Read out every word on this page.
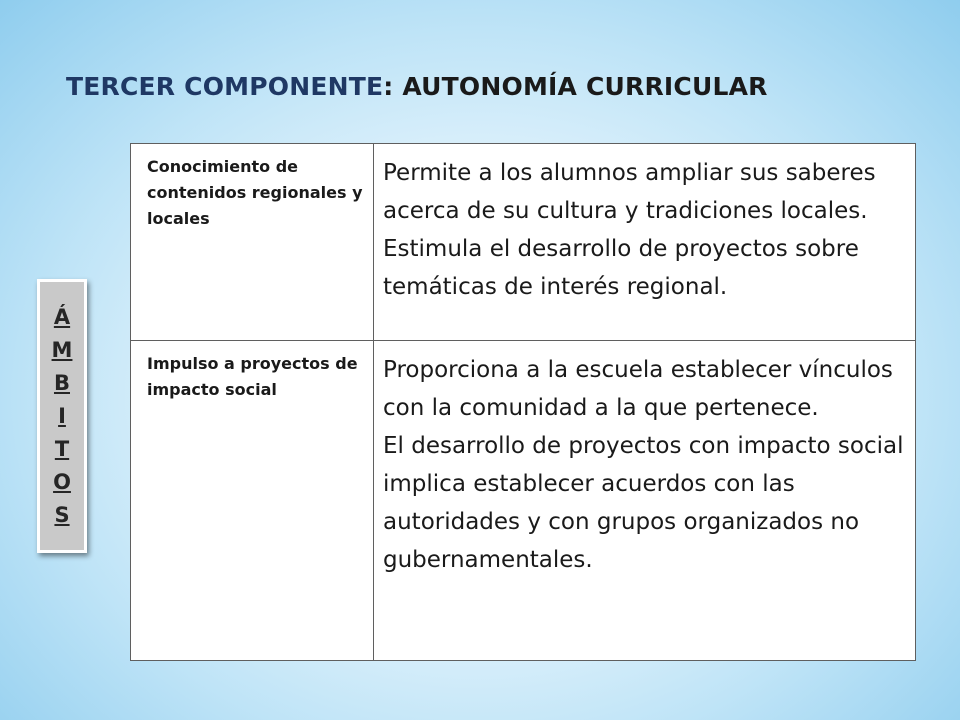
TERCER COMPONENTE: AUTONOMÍA CURRICULAR
Á
M
B
I
T
O
S
Conocimiento de contenidos regionales y locales	Permite a los alumnos ampliar sus saberes acerca de su cultura y tradiciones locales.
Estimula el desarrollo de proyectos sobre temáticas de interés regional.

Impulso a proyectos de impacto social	Proporciona a la escuela establecer vínculos con la comunidad a la que pertenece.
El desarrollo de proyectos con impacto social implica establecer acuerdos con las autoridades y con grupos organizados no gubernamentales.
